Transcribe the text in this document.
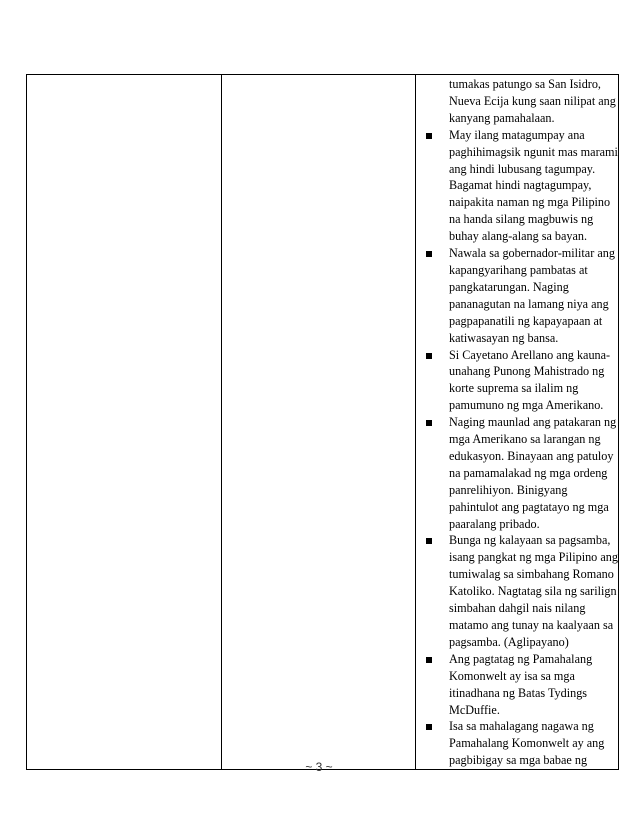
tumakas patungo sa San Isidro, Nueva Ecija kung saan nilipat ang kanyang pamahalaan.
May ilang matagumpay ana paghihimagsik ngunit mas marami ang hindi lubusang tagumpay. Bagamat hindi nagtagumpay, naipakita naman ng mga Pilipino na handa silang magbuwis ng buhay alang-alang sa bayan.
Nawala sa gobernador-militar ang kapangyarihang pambatas at pangkatarungan. Naging pananagutan na lamang niya ang pagpapanatili ng kapayapaan at katiwasayan ng bansa.
Si Cayetano Arellano ang kauna-unahang Punong Mahistrado ng korte suprema sa ilalim ng pamumuno ng mga Amerikano.
Naging maunlad ang patakaran ng mga Amerikano sa larangan ng edukasyon. Binayaan ang patuloy na pamamalakad ng mga ordeng panrelihiyon. Binigyang pahintulot ang pagtatayo ng mga paaralang pribado.
Bunga ng kalayaan sa pagsamba, isang pangkat ng mga Pilipino ang tumiwalag sa simbahang Romano Katoliko. Nagtatag sila ng sarilign simbahan dahgil nais nilang matamo ang tunay na kaalyaan sa pagsamba. (Aglipayano)
Ang pagtatag ng Pamahalang Komonwelt ay isa sa mga itinadhana ng Batas Tydings McDuffie.
Isa sa mahalagang nagawa ng Pamahalang Komonwelt ay ang pagbibigay sa mga babae ng
~ 3 ~
